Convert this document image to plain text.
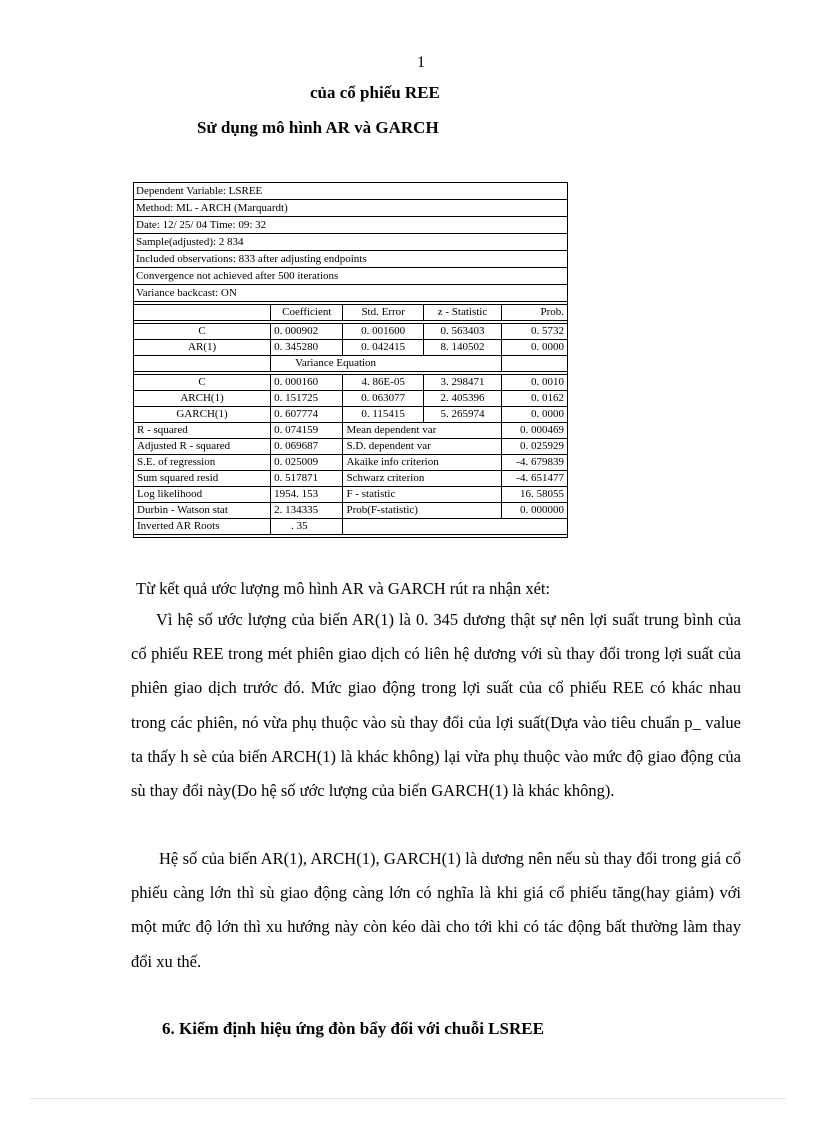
1
của cổ phiếu REE
Sử dụng mô hình AR và GARCH
Dependent Variable: LSREE
Method: ML - ARCH (Marquardt)
Date: 12/ 25/ 04 Time: 09: 32
Sample(adjusted): 2 834
Included observations: 833 after adjusting endpoints
Convergence not achieved after 500 iterations
Variance backcast: ON

	Coefficient	Std. Error	z - Statistic	Prob.

C	0. 000902	0. 001600	0. 563403	0. 5732
AR(1)	0. 345280	0. 042415	8. 140502	0. 0000
	Variance Equation			

C	0. 000160	4. 86E-05	3. 298471	0. 0010
ARCH(1)	0. 151725	0. 063077	2. 405396	0. 0162
GARCH(1)	0. 607774	0. 115415	5. 265974	0. 0000
R - squared	0. 074159	Mean dependent var		0. 000469
Adjusted R - squared	0. 069687	S.D. dependent var		0. 025929
S.E. of regression	0. 025009	Akaike info criterion		-4. 679839
Sum squared resid	0. 517871	Schwarz criterion		-4. 651477
Log likelihood	1954. 153	F - statistic		16. 58055
Durbin - Watson stat	2. 134335	Prob(F-statistic)		0. 000000
Inverted AR Roots	. 35			

Từ kết quả ước lượng mô hình AR và GARCH rút ra nhận xét:
Vì hệ số ước lượng của biến AR(1) là 0. 345 dương thật sự nên lợi suất trung bình của cổ phiếu REE trong mét phiên giao dịch có liên hệ dương với sù thay đổi trong lợi suất của phiên giao dịch trước đó. Mức giao động trong lợi suất của cổ phiếu REE có khác nhau trong các phiên, nó vừa phụ thuộc vào sù thay đổi của lợi suất(Dựa vào tiêu chuẩn p_ value ta thấy h sè của biến ARCH(1) là khác không) lại vừa phụ thuộc vào mức độ giao động của sù thay đổi này(Do hệ số ước lượng của biến GARCH(1) là khác không).
Hệ số của biến AR(1), ARCH(1), GARCH(1) là dương nên nếu sù thay đổi trong giá cổ phiếu càng lớn thì sù giao động càng lớn có nghĩa là khi giá cổ phiếu tăng(hay giảm) với một mức độ lớn thì xu hướng này còn kéo dài cho tới khi có tác động bất thường làm thay đổi xu thế.
6. Kiểm định hiệu ứng đòn bẩy đối với chuỗi LSREE
